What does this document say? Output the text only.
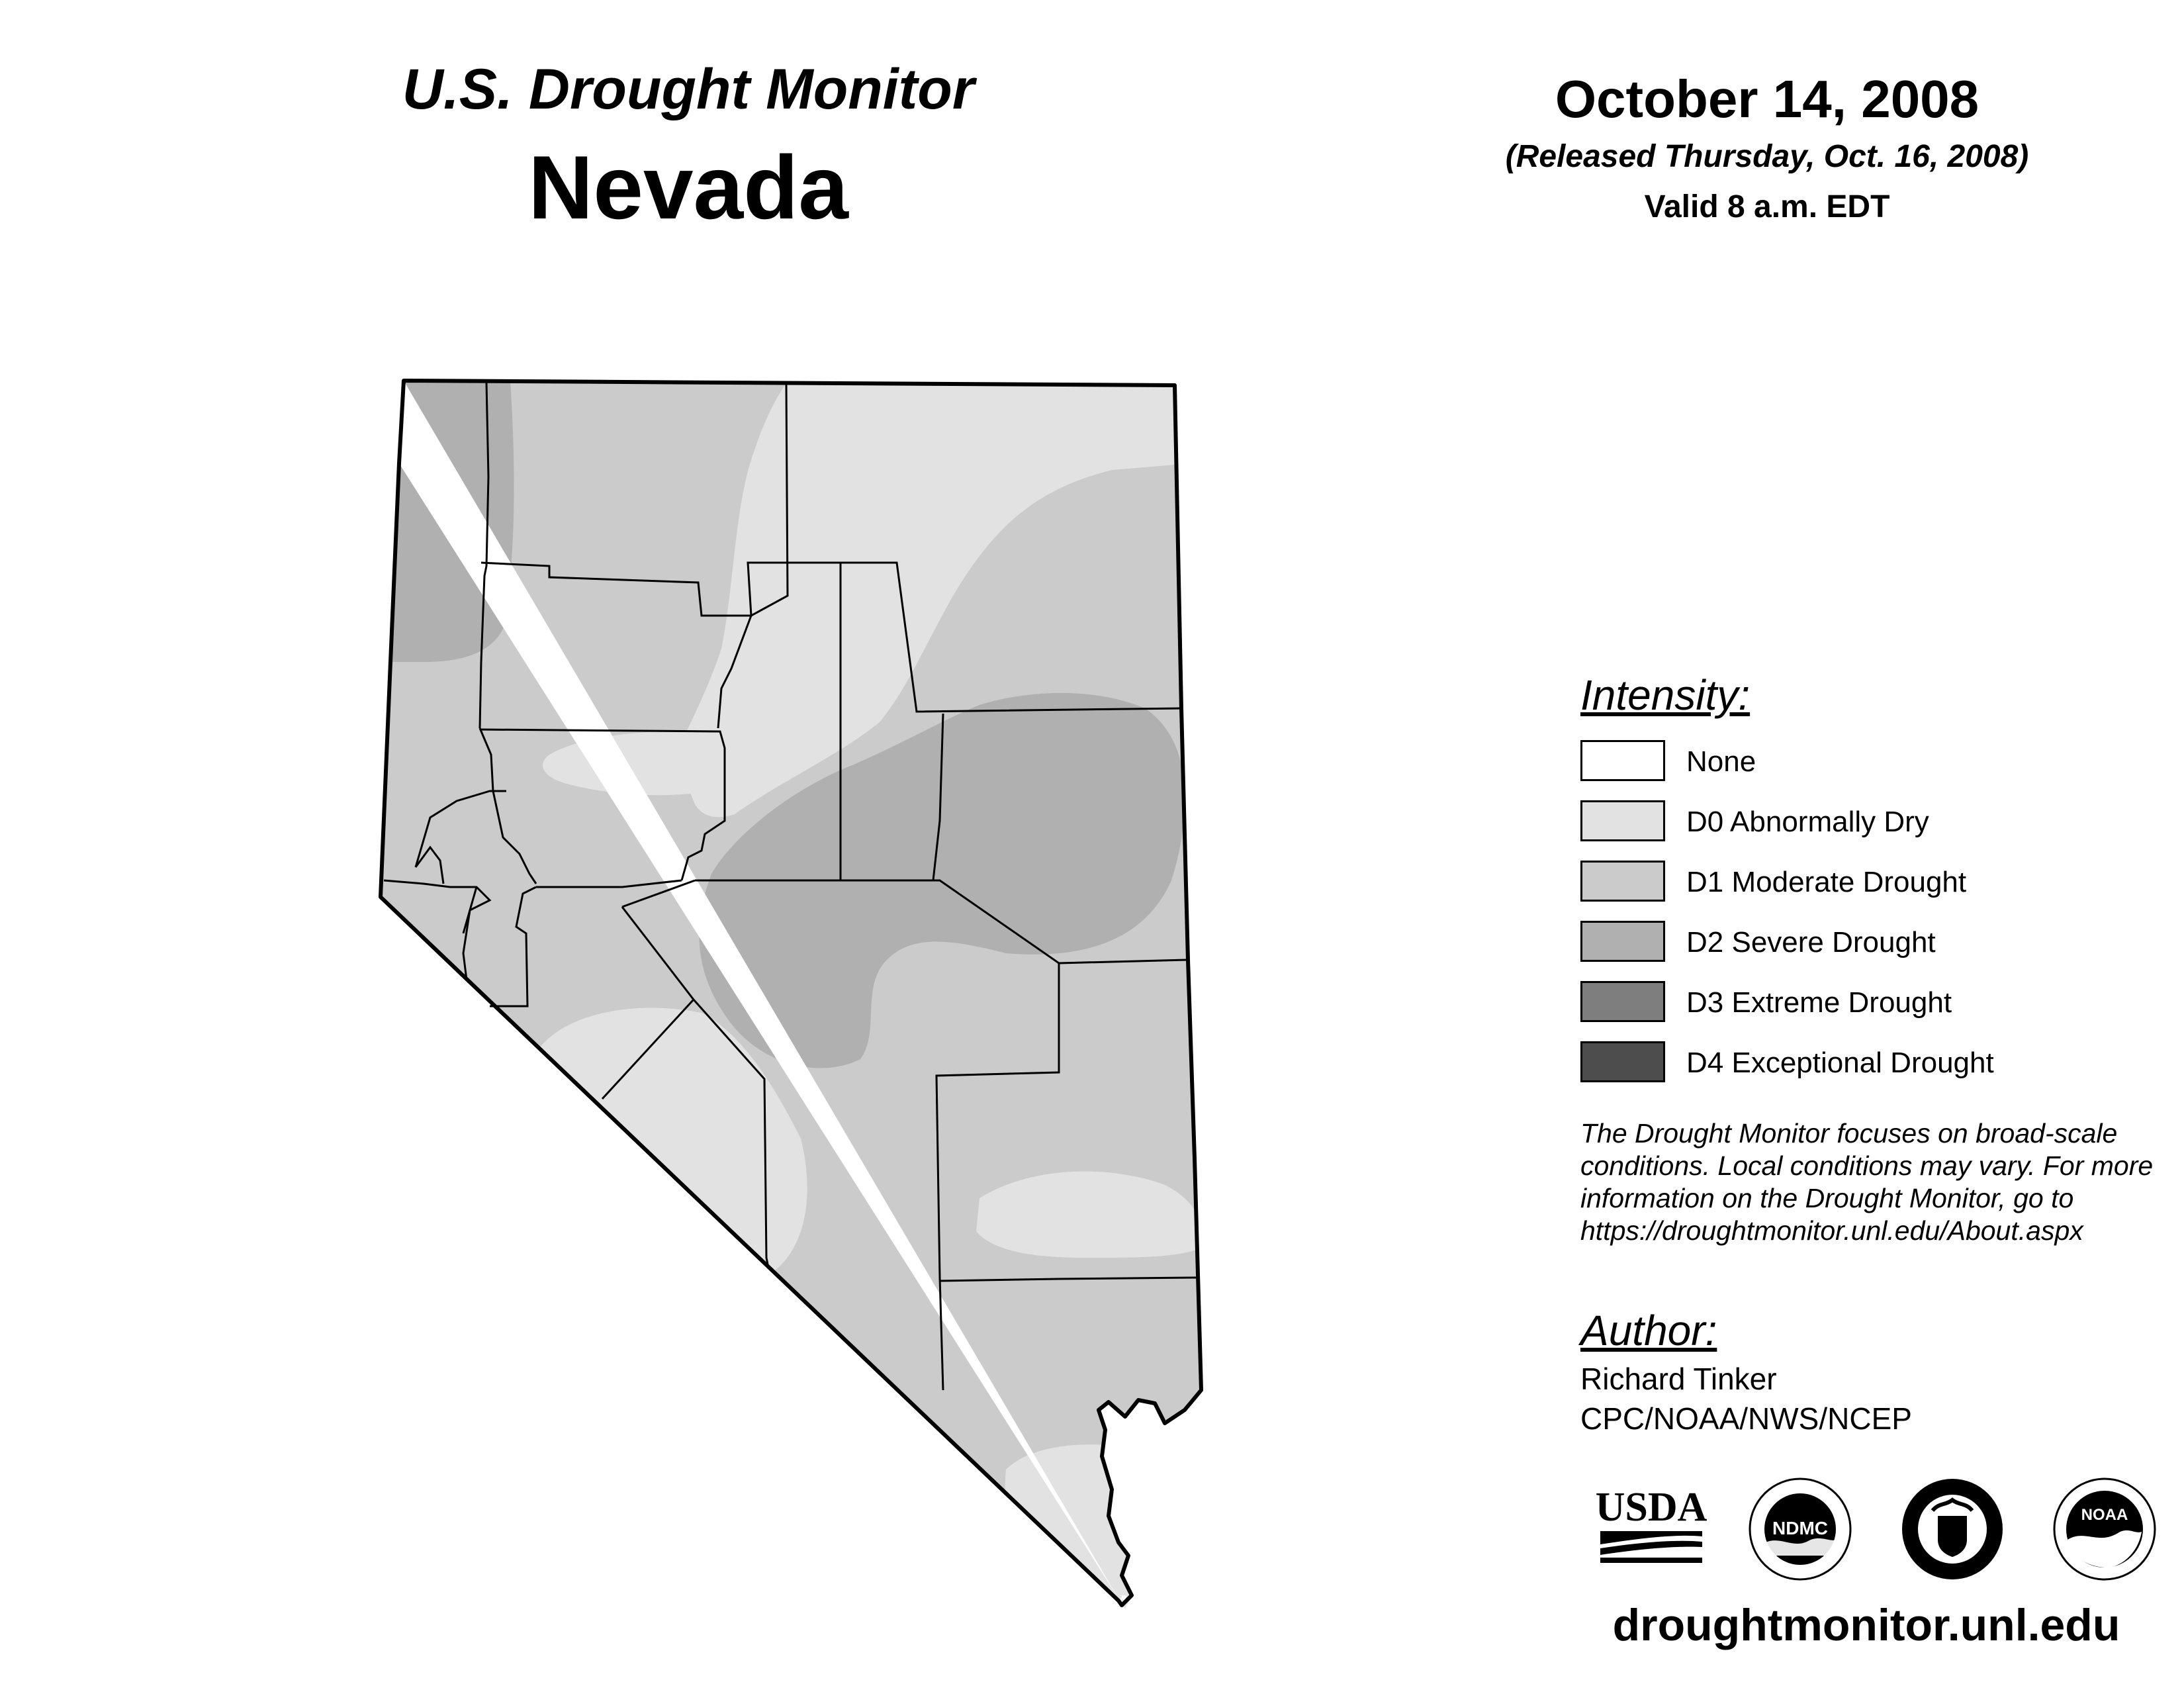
U.S. Drought Monitor
Nevada
October 14, 2008
(Released Thursday, Oct. 16, 2008)
Valid 8 a.m. EDT
Intensity:
None
D0 Abnormally Dry
D1 Moderate Drought
D2 Severe Drought
D3 Extreme Drought
D4 Exceptional Drought
The Drought Monitor focuses on broad-scale
conditions. Local conditions may vary. For more
information on the Drought Monitor, go to
https://droughtmonitor.unl.edu/About.aspx
Author:
Richard Tinker
CPC/NOAA/NWS/NCEP
USDA	NDMC
NOAA
droughtmonitor.unl.edu
